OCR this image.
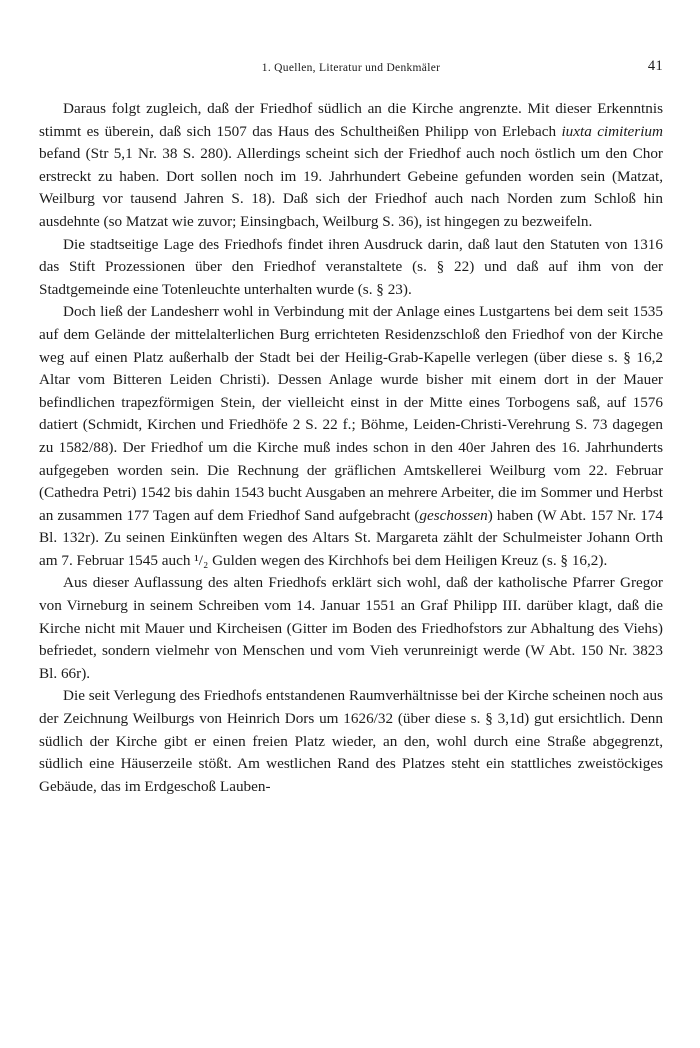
1. Quellen, Literatur und Denkmäler	41

Daraus folgt zugleich, daß der Friedhof südlich an die Kirche angrenzte. Mit dieser Erkenntnis stimmt es überein, daß sich 1507 das Haus des Schultheißen Philipp von Erlebach iuxta cimiterium befand (Str 5,1 Nr. 38 S. 280). Allerdings scheint sich der Friedhof auch noch östlich um den Chor erstreckt zu haben. Dort sollen noch im 19. Jahrhundert Gebeine gefunden worden sein (Matzat, Weilburg vor tausend Jahren S. 18). Daß sich der Friedhof auch nach Norden zum Schloß hin ausdehnte (so Matzat wie zuvor; Einsingbach, Weilburg S. 36), ist hingegen zu bezweifeln.

Die stadtseitige Lage des Friedhofs findet ihren Ausdruck darin, daß laut den Statuten von 1316 das Stift Prozessionen über den Friedhof veranstaltete (s. § 22) und daß auf ihm von der Stadtgemeinde eine Totenleuchte unterhalten wurde (s. § 23).

Doch ließ der Landesherr wohl in Verbindung mit der Anlage eines Lustgartens bei dem seit 1535 auf dem Gelände der mittelalterlichen Burg errichteten Residenzschloß den Friedhof von der Kirche weg auf einen Platz außerhalb der Stadt bei der Heilig-Grab-Kapelle verlegen (über diese s. § 16,2 Altar vom Bitteren Leiden Christi). Dessen Anlage wurde bisher mit einem dort in der Mauer befindlichen trapezförmigen Stein, der vielleicht einst in der Mitte eines Torbogens saß, auf 1576 datiert (Schmidt, Kirchen und Friedhöfe 2 S. 22 f.; Böhme, Leiden-Christi-Verehrung S. 73 dagegen zu 1582/88). Der Friedhof um die Kirche muß indes schon in den 40er Jahren des 16. Jahrhunderts aufgegeben worden sein. Die Rechnung der gräflichen Amtskellerei Weilburg vom 22. Februar (Cathedra Petri) 1542 bis dahin 1543 bucht Ausgaben an mehrere Arbeiter, die im Sommer und Herbst an zusammen 177 Tagen auf dem Friedhof Sand aufgebracht (geschossen) haben (W Abt. 157 Nr. 174 Bl. 132r). Zu seinen Einkünften wegen des Altars St. Margareta zählt der Schulmeister Johann Orth am 7. Februar 1545 auch ¹/₂ Gulden wegen des Kirchhofs bei dem Heiligen Kreuz (s. § 16,2).

Aus dieser Auflassung des alten Friedhofs erklärt sich wohl, daß der katholische Pfarrer Gregor von Virneburg in seinem Schreiben vom 14. Januar 1551 an Graf Philipp III. darüber klagt, daß die Kirche nicht mit Mauer und Kircheisen (Gitter im Boden des Friedhofstors zur Abhaltung des Viehs) befriedet, sondern vielmehr von Menschen und vom Vieh verunreinigt werde (W Abt. 150 Nr. 3823 Bl. 66r).

Die seit Verlegung des Friedhofs entstandenen Raumverhältnisse bei der Kirche scheinen noch aus der Zeichnung Weilburgs von Heinrich Dors um 1626/32 (über diese s. § 3,1d) gut ersichtlich. Denn südlich der Kirche gibt er einen freien Platz wieder, an den, wohl durch eine Straße abgegrenzt, südlich eine Häuserzeile stößt. Am westlichen Rand des Platzes steht ein stattliches zweistöckiges Gebäude, das im Erdgeschoß Lauben-
